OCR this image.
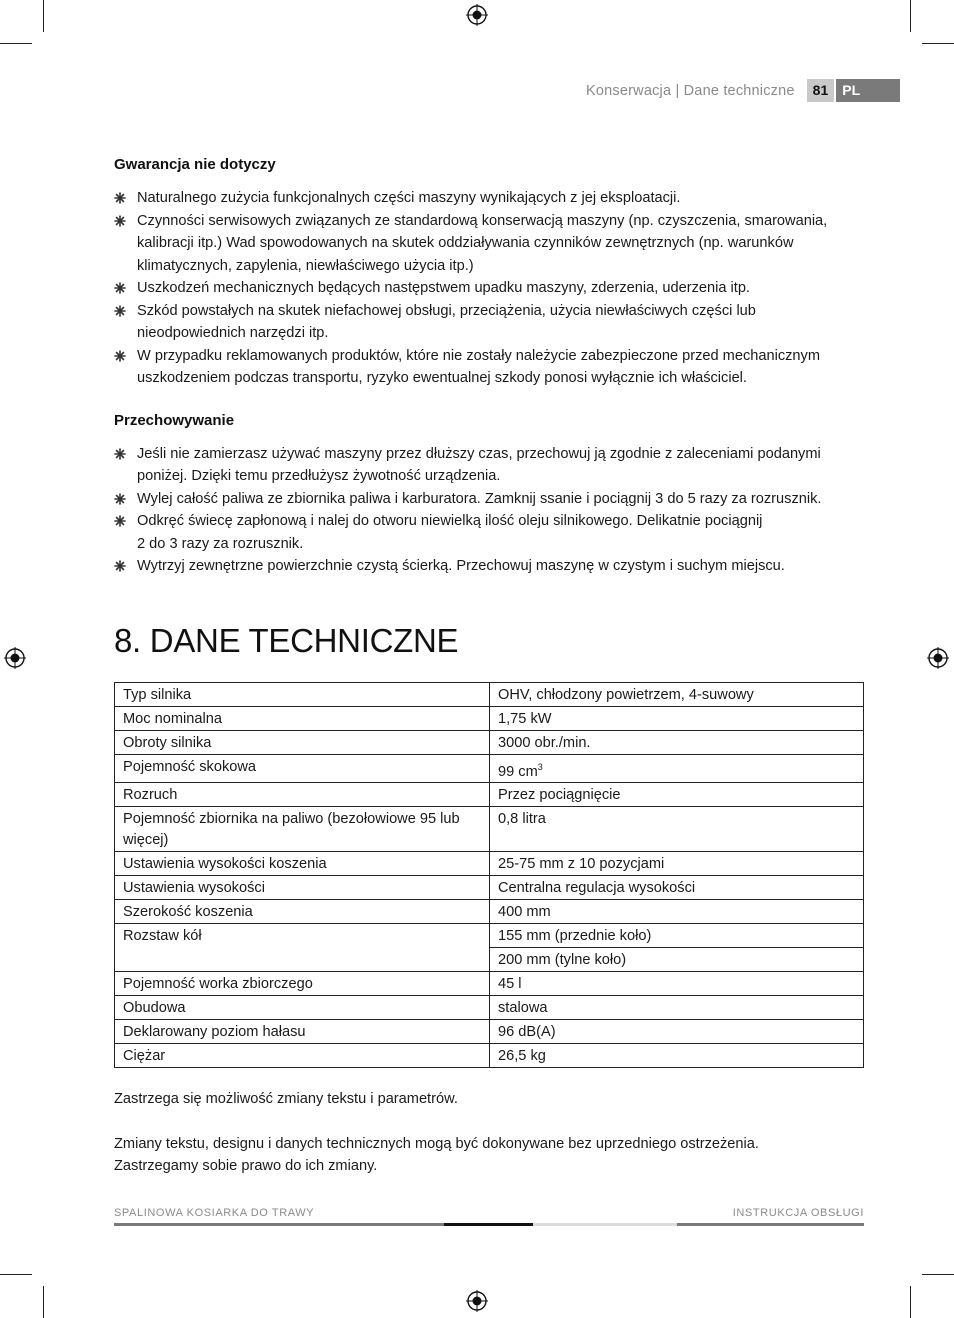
Konserwacja | Dane techniczne	81	PL
Gwarancja nie dotyczy
Naturalnego zużycia funkcjonalnych części maszyny wynikających z jej eksploatacji.
Czynności serwisowych związanych ze standardową konserwacją maszyny (np. czyszczenia, smarowania, kalibracji itp.) Wad spowodowanych na skutek oddziaływania czynników zewnętrznych (np. warunków klimatycznych, zapylenia, niewłaściwego użycia itp.)
Uszkodzeń mechanicznych będących następstwem upadku maszyny, zderzenia, uderzenia itp.
Szkód powstałych na skutek niefachowej obsługi, przeciążenia, użycia niewłaściwych części lub nieodpowiednich narzędzi itp.
W przypadku reklamowanych produktów, które nie zostały należycie zabezpieczone przed mechanicznym uszkodzeniem podczas transportu, ryzyko ewentualnej szkody ponosi wyłącznie ich właściciel.
Przechowywanie
Jeśli nie zamierzasz używać maszyny przez dłuższy czas, przechowuj ją zgodnie z zaleceniami podanymi poniżej. Dzięki temu przedłużysz żywotność urządzenia.
Wylej całość paliwa ze zbiornika paliwa i karburatora. Zamknij ssanie i pociągnij 3 do 5 razy za rozrusznik.
Odkręć świecę zapłonową i nalej do otworu niewielką ilość oleju silnikowego. Delikatnie pociągnij
2 do 3 razy za rozrusznik.
Wytrzyj zewnętrzne powierzchnie czystą ścierką. Przechowuj maszynę w czystym i suchym miejscu.
8. DANE TECHNICZNE
Typ silnika	OHV, chłodzony powietrzem, 4-suwowy
Moc nominalna	1,75 kW
Obroty silnika	3000 obr./min.
Pojemność skokowa	99 $cm^3$
Rozruch	Przez pociągnięcie
Pojemność zbiornika na paliwo (bezołowiowe 95 lub więcej)	0,8 litra
Ustawienia wysokości koszenia	25-75 mm z 10 pozycjami
Ustawienia wysokości	Centralna regulacja wysokości
Szerokość koszenia	400 mm
Rozstaw kół	155 mm (przednie koło)
	200 mm (tylne koło)
Pojemność worka zbiorczego	45 l
Obudowa	stalowa
Deklarowany poziom hałasu	96 dB(A)
Ciężar	26,5 kg

Zastrzega się możliwość zmiany tekstu i parametrów.

Zmiany tekstu, designu i danych technicznych mogą być dokonywane bez uprzedniego ostrzeżenia.
Zastrzegamy sobie prawo do ich zmiany.

SPALINOWA KOSIARKA DO TRAWY	INSTRUKCJA OBSŁUGI
